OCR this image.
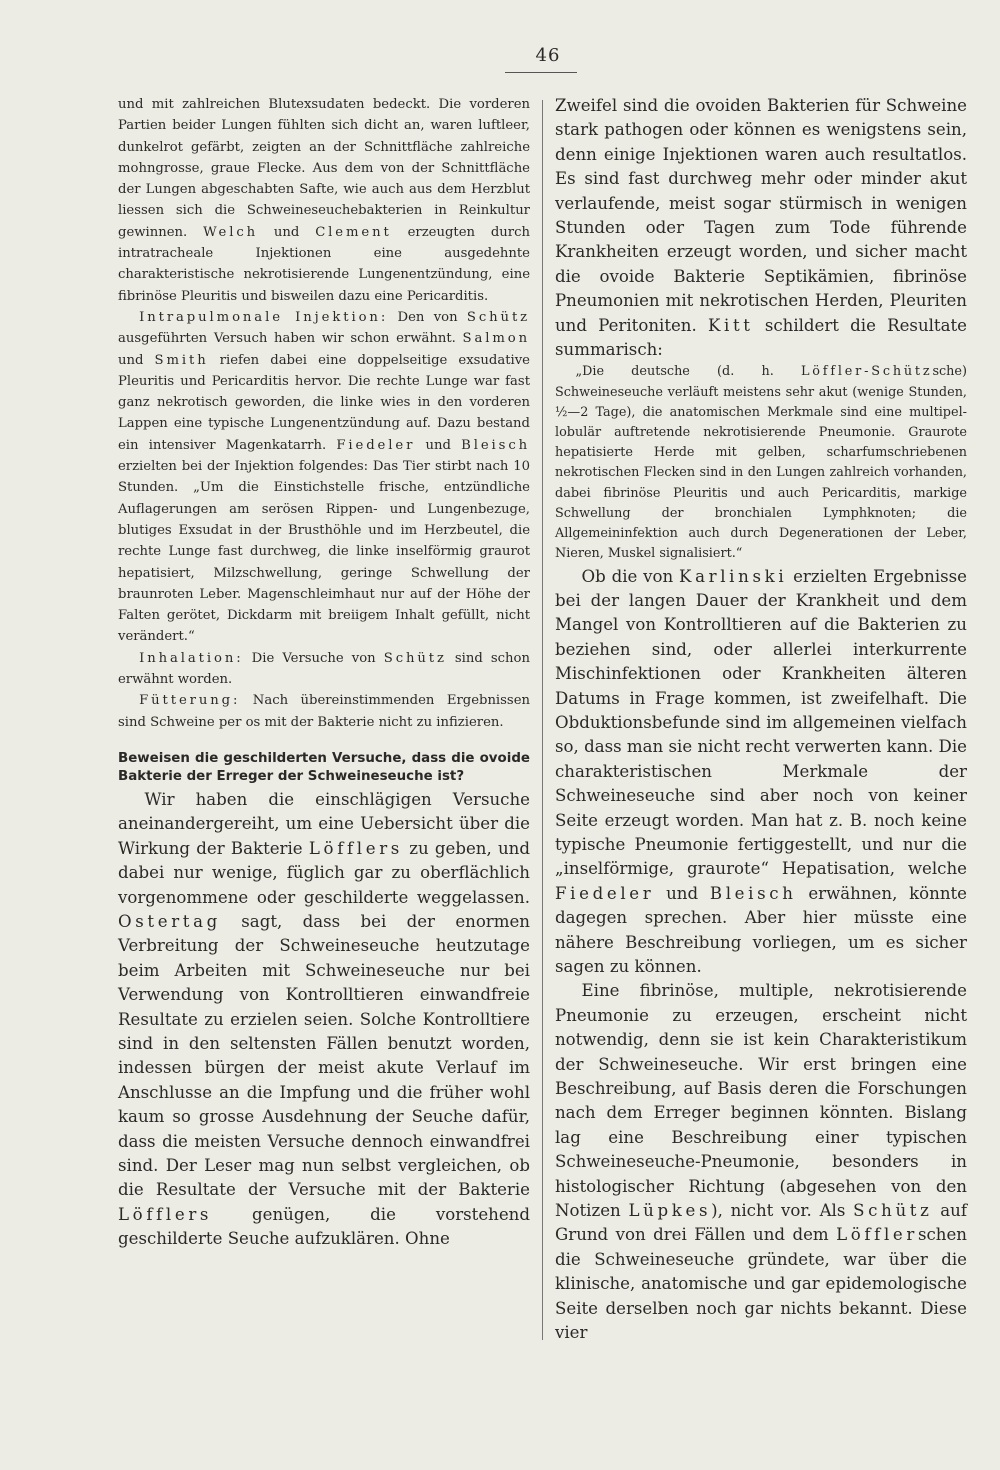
46

und mit zahlreichen Blutexsudaten bedeckt. Die vorderen Partien beider Lungen fühlten sich dicht an, waren luftleer, dunkelrot gefärbt, zeigten an der Schnittfläche zahlreiche mohngrosse, graue Flecke. Aus dem von der Schnittfläche der Lungen abgeschabten Safte, wie auch aus dem Herzblut liessen sich die Schweineseuchebakterien in Reinkultur gewinnen. Welch und Clement erzeugten durch intratracheale Injektionen eine ausgedehnte charakteristische nekrotisierende Lungenentzündung, eine fibrinöse Pleuritis und bisweilen dazu eine Pericarditis.

Intrapulmonale Injektion: Den von Schütz ausgeführten Versuch haben wir schon erwähnt. Salmon und Smith riefen dabei eine doppelseitige exsudative Pleuritis und Pericarditis hervor. Die rechte Lunge war fast ganz nekrotisch geworden, die linke wies in den vorderen Lappen eine typische Lungenentzündung auf. Dazu bestand ein intensiver Magenkatarrh. Fiedeler und Bleisch erzielten bei der Injektion folgendes: Das Tier stirbt nach 10 Stunden. „Um die Einstichstelle frische, entzündliche Auflagerungen am serösen Rippen- und Lungenbezuge, blutiges Exsudat in der Brusthöhle und im Herzbeutel, die rechte Lunge fast durchweg, die linke inselförmig graurot hepatisiert, Milzschwellung, geringe Schwellung der braunroten Leber. Magenschleimhaut nur auf der Höhe der Falten gerötet, Dickdarm mit breiigem Inhalt gefüllt, nicht verändert.“

Inhalation: Die Versuche von Schütz sind schon erwähnt worden.

Fütterung: Nach übereinstimmenden Ergebnissen sind Schweine per os mit der Bakterie nicht zu infizieren.

Beweisen die geschilderten Versuche, dass die ovoide Bakterie der Erreger der Schweineseuche ist?

Wir haben die einschlägigen Versuche aneinandergereiht, um eine Uebersicht über die Wirkung der Bakterie Löfflers zu geben, und dabei nur wenige, füglich gar zu oberflächlich vorgenommene oder geschilderte weggelassen. Ostertag sagt, dass bei der enormen Verbreitung der Schweineseuche heutzutage beim Arbeiten mit Schweineseuche nur bei Verwendung von Kontrolltieren einwandfreie Resultate zu erzielen seien. Solche Kontrolltiere sind in den seltensten Fällen benutzt worden, indessen bürgen der meist akute Verlauf im Anschlusse an die Impfung und die früher wohl kaum so grosse Ausdehnung der Seuche dafür, dass die meisten Versuche dennoch einwandfrei sind. Der Leser mag nun selbst vergleichen, ob die Resultate der Versuche mit der Bakterie Löfflers genügen, die vorstehend geschilderte Seuche aufzuklären. Ohne

Zweifel sind die ovoiden Bakterien für Schweine stark pathogen oder können es wenigstens sein, denn einige Injektionen waren auch resultatlos. Es sind fast durchweg mehr oder minder akut verlaufende, meist sogar stürmisch in wenigen Stunden oder Tagen zum Tode führende Krankheiten erzeugt worden, und sicher macht die ovoide Bakterie Septikämien, fibrinöse Pneumonien mit nekrotischen Herden, Pleuriten und Peritoniten. Kitt schildert die Resultate summarisch:

„Die deutsche (d. h. Löffler-Schützsche) Schweineseuche verläuft meistens sehr akut (wenige Stunden, ½—2 Tage), die anatomischen Merkmale sind eine multipel-lobulär auftretende nekrotisierende Pneumonie. Graurote hepatisierte Herde mit gelben, scharfumschriebenen nekrotischen Flecken sind in den Lungen zahlreich vorhanden, dabei fibrinöse Pleuritis und auch Pericarditis, markige Schwellung der bronchialen Lymphknoten; die Allgemeininfektion auch durch Degenerationen der Leber, Nieren, Muskel signalisiert.“

Ob die von Karlinski erzielten Ergebnisse bei der langen Dauer der Krankheit und dem Mangel von Kontrolltieren auf die Bakterien zu beziehen sind, oder allerlei interkurrente Mischinfektionen oder Krankheiten älteren Datums in Frage kommen, ist zweifelhaft. Die Obduktionsbefunde sind im allgemeinen vielfach so, dass man sie nicht recht verwerten kann. Die charakteristischen Merkmale der Schweineseuche sind aber noch von keiner Seite erzeugt worden. Man hat z. B. noch keine typische Pneumonie fertiggestellt, und nur die „inselförmige, graurote“ Hepatisation, welche Fiedeler und Bleisch erwähnen, könnte dagegen sprechen. Aber hier müsste eine nähere Beschreibung vorliegen, um es sicher sagen zu können.

Eine fibrinöse, multiple, nekrotisierende Pneumonie zu erzeugen, erscheint nicht notwendig, denn sie ist kein Charakteristikum der Schweineseuche. Wir erst bringen eine Beschreibung, auf Basis deren die Forschungen nach dem Erreger beginnen könnten. Bislang lag eine Beschreibung einer typischen Schweineseuche-Pneumonie, besonders in histologischer Richtung (abgesehen von den Notizen Lüpkes), nicht vor. Als Schütz auf Grund von drei Fällen und dem Löfflerschen die Schweineseuche gründete, war über die klinische, anatomische und gar epidemologische Seite derselben noch gar nichts bekannt. Diese vier
